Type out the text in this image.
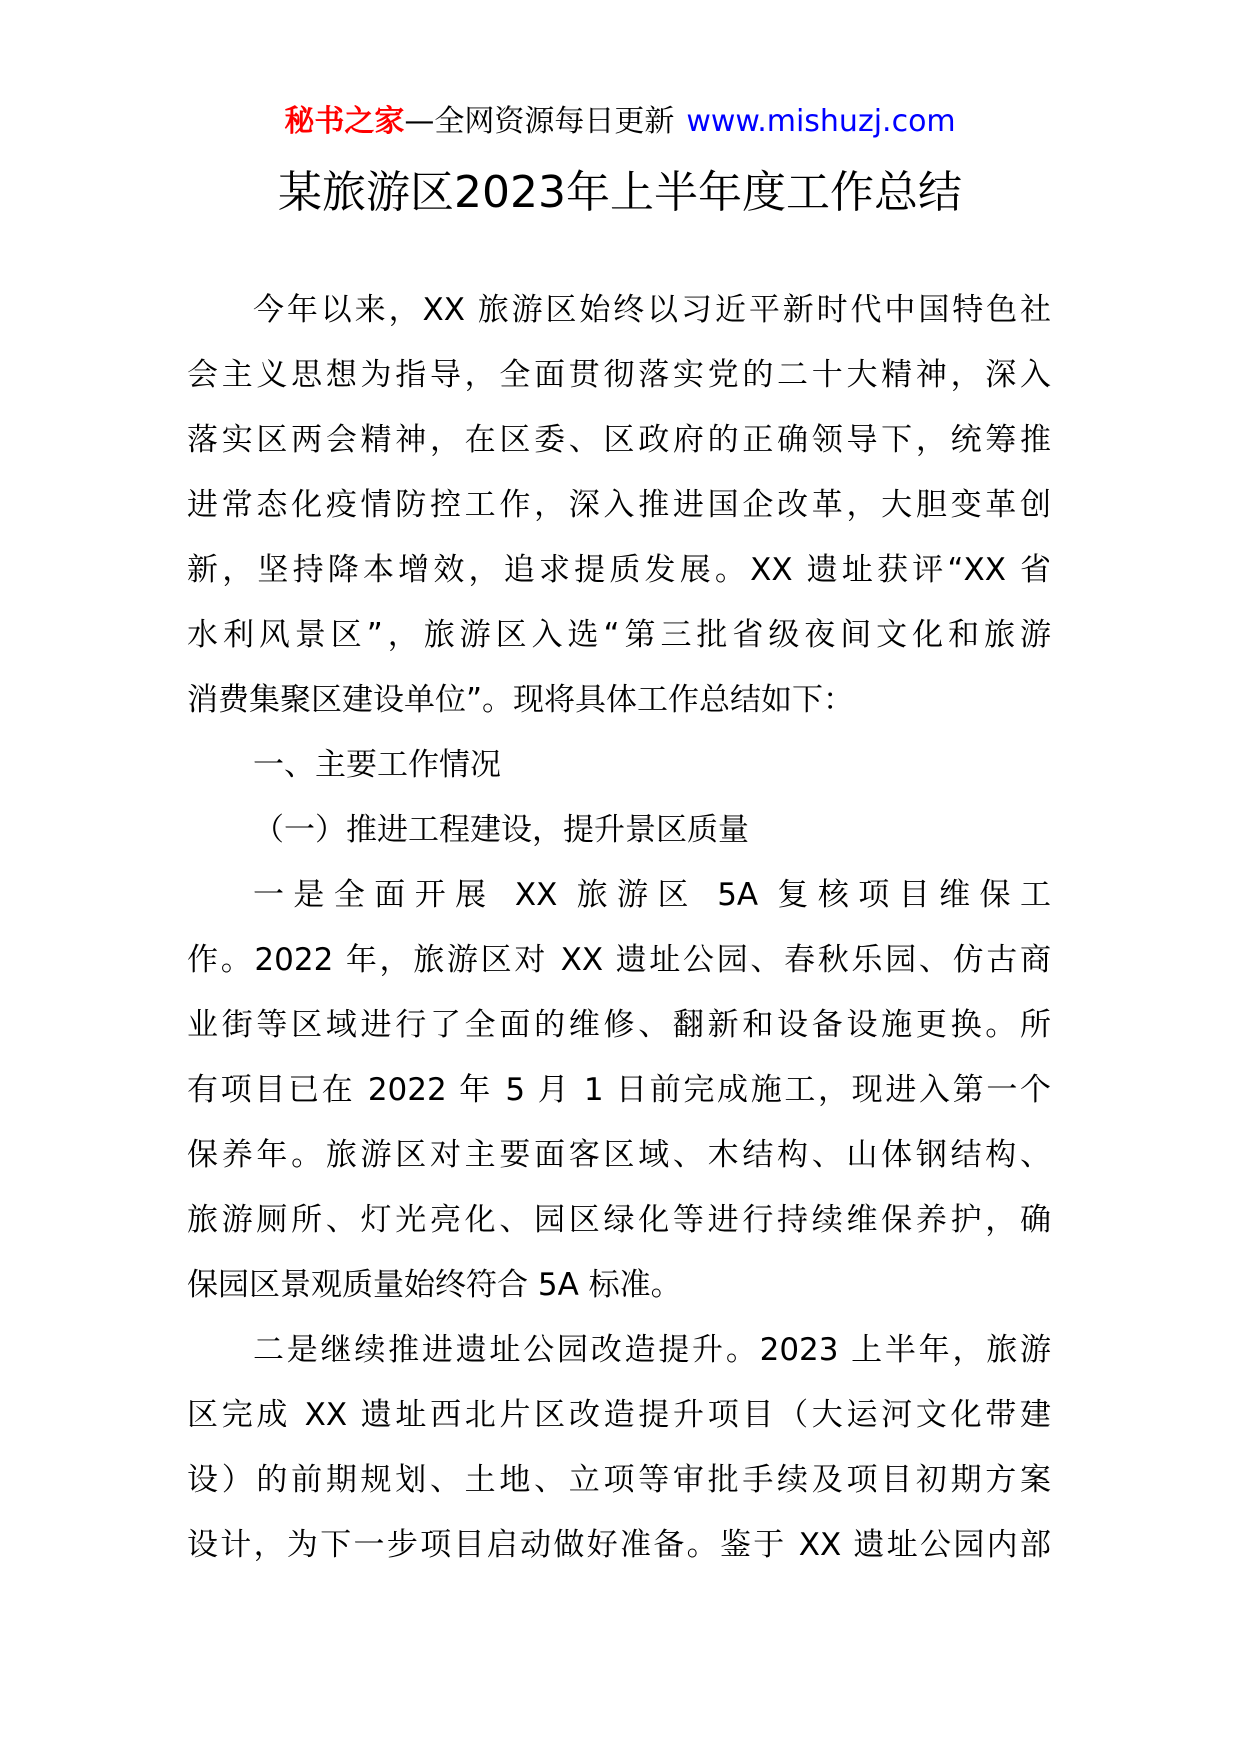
秘书之家—全网资源每日更新 www.mishuzj.com
某旅游区2023年上半年度工作总结
今年以来，XX 旅游区始终以习近平新时代中国特色社
会主义思想为指导，全面贯彻落实党的二十大精神，深入
落实区两会精神，在区委、区政府的正确领导下，统筹推
进常态化疫情防控工作，深入推进国企改革，大胆变革创
新，坚持降本增效，追求提质发展。XX 遗址获评“XX 省
水利风景区”，旅游区入选“第三批省级夜间文化和旅游
消费集聚区建设单位”。现将具体工作总结如下：
一、主要工作情况
（一）推进工程建设，提升景区质量
一是全面开展 XX 旅游区 5A 复核项目维保工
作。2022 年，旅游区对 XX 遗址公园、春秋乐园、仿古商
业街等区域进行了全面的维修、翻新和设备设施更换。所
有项目已在 2022 年 5 月 1 日前完成施工，现进入第一个
保养年。旅游区对主要面客区域、木结构、山体钢结构、
旅游厕所、灯光亮化、园区绿化等进行持续维保养护，确
保园区景观质量始终符合 5A 标准。
二是继续推进遗址公园改造提升。2023 上半年，旅游
区完成 XX 遗址西北片区改造提升项目（大运河文化带建
设）的前期规划、土地、立项等审批手续及项目初期方案
设计，为下一步项目启动做好准备。鉴于 XX 遗址公园内部
